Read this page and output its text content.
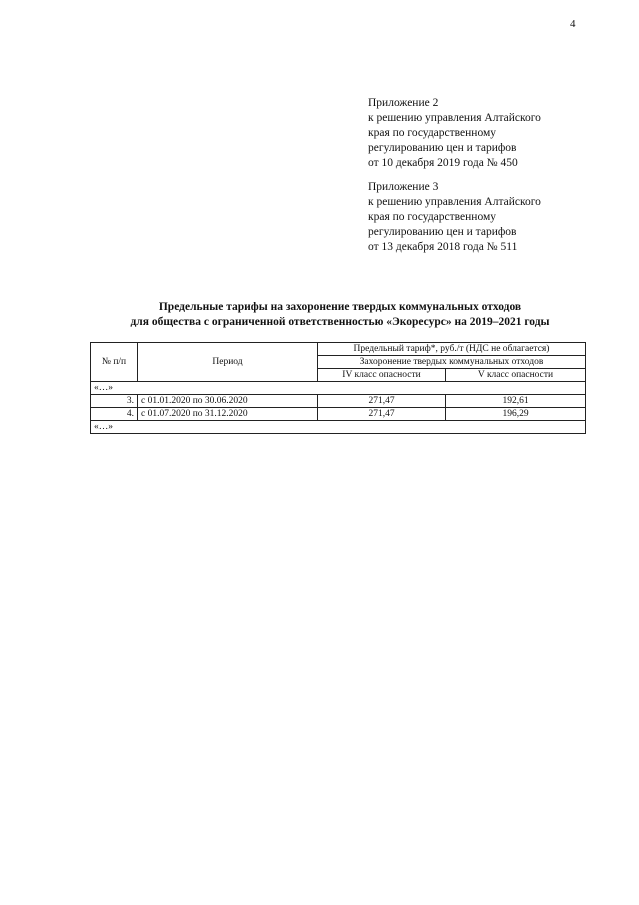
4
Приложение 2
к решению управления Алтайского
края по государственному
регулированию цен и тарифов
от 10 декабря 2019 года № 450
Приложение 3
к решению управления Алтайского
края по государственному
регулированию цен и тарифов
от 13 декабря 2018 года № 511
Предельные тарифы на захоронение твердых коммунальных отходов
для общества с ограниченной ответственностью «Экоресурс» на 2019–2021 годы
№ п/п	Период	Предельный тариф*, руб./т (НДС не облагается)	
		Захоронение твердых коммунальных отходов	
		IV класс опасности	V класс опасности
«…»			
3.	с 01.01.2020 по 30.06.2020	271,47	192,61
4.	с 01.07.2020 по 31.12.2020	271,47	196,29
«…»			
